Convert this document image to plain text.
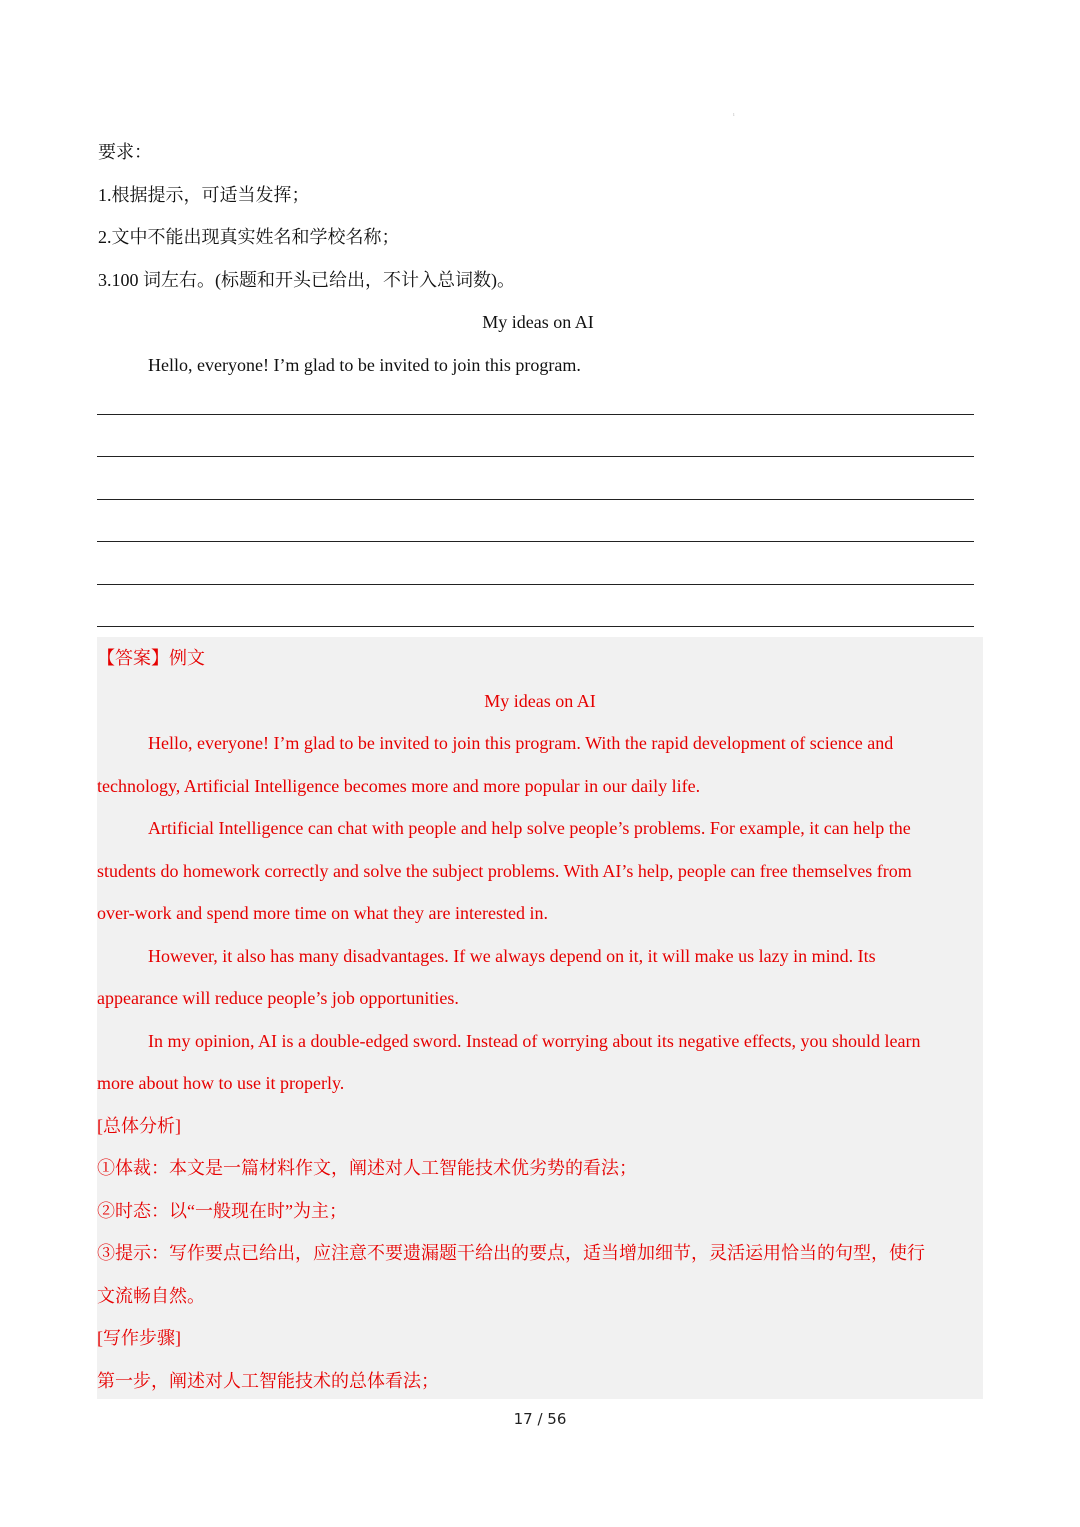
ı
要求：
1.根据提示，可适当发挥；
2.文中不能出现真实姓名和学校名称；
3.100 词左右。(标题和开头已给出，不计入总词数)。
My ideas on AI
Hello, everyone! I’m glad to be invited to join this program.
【答案】例文
My ideas on AI
Hello, everyone! I’m glad to be invited to join this program. With the rapid development of science and
technology, Artificial Intelligence becomes more and more popular in our daily life.
Artificial Intelligence can chat with people and help solve people’s problems. For example, it can help the
students do homework correctly and solve the subject problems. With AI’s help, people can free themselves from
over-work and spend more time on what they are interested in.
However, it also has many disadvantages. If we always depend on it, it will make us lazy in mind. Its
appearance will reduce people’s job opportunities.
In my opinion, AI is a double-edged sword. Instead of worrying about its negative effects, you should learn
more about how to use it properly.
[总体分析]
①体裁：本文是一篇材料作文，阐述对人工智能技术优劣势的看法；
②时态：以“一般现在时”为主；
③提示：写作要点已给出，应注意不要遗漏题干给出的要点，适当增加细节，灵活运用恰当的句型，使行
文流畅自然。
[写作步骤]
第一步，阐述对人工智能技术的总体看法；
17 / 56
